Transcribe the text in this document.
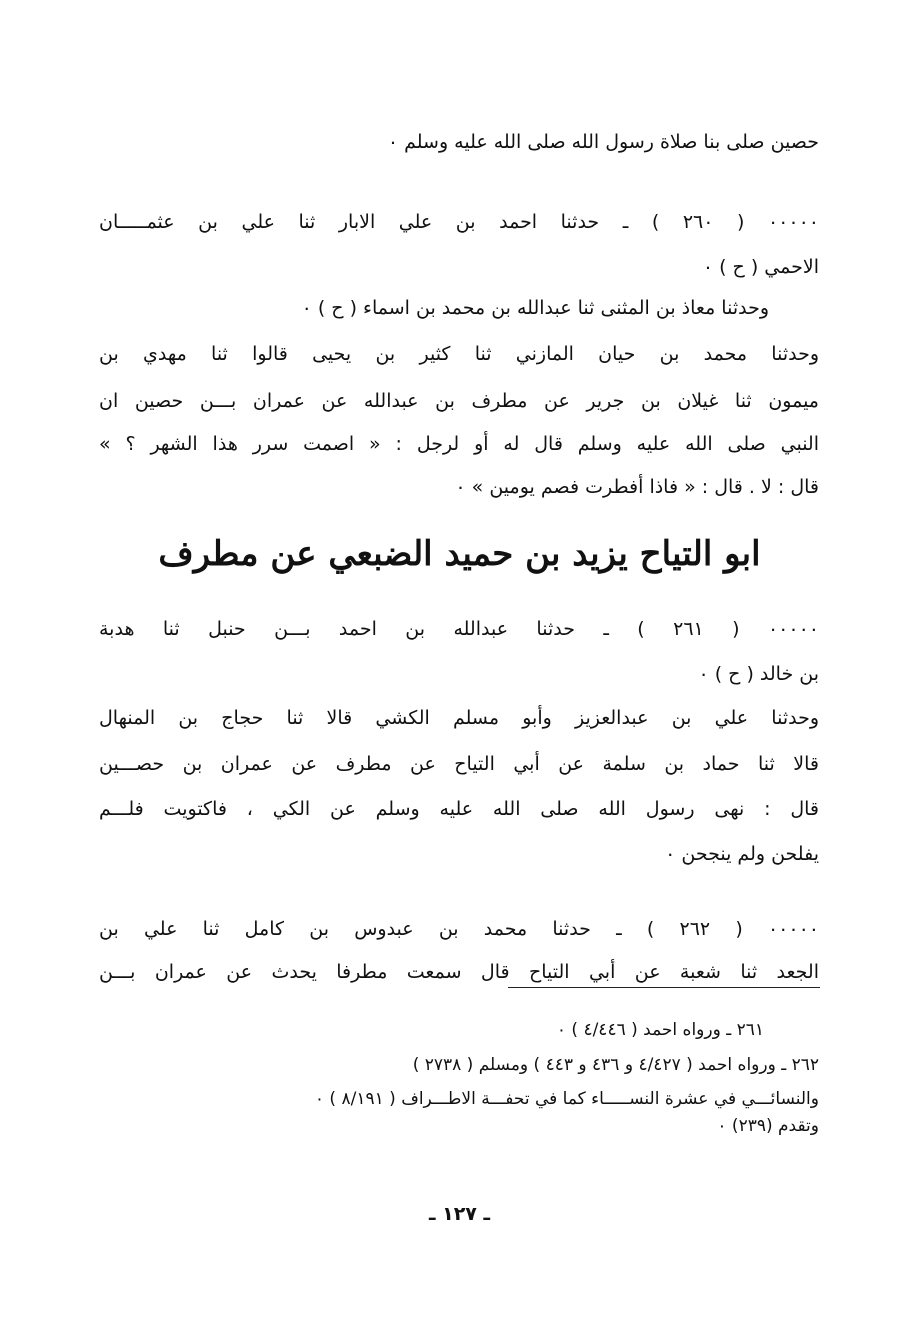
حصين صلى بنا صلاة رسول الله صلى الله عليه وسلم ٠
٠٠٠٠٠ ( ٢٦٠ ) ـ حدثنا احمد بن علي الابار ثنا علي بن عثمـــــان
الاحمي ( ح ) ٠
وحدثنا معاذ بن المثنى ثنا عبدالله بن محمد بن اسماء ( ح ) ٠
وحدثنا محمد بن حيان المازني ثنا كثير بن يحيى قالوا ثنا مهدي بن
ميمون ثنا غيلان بن جرير عن مطرف بن عبدالله عن عمران بـــن حصين ان
النبي صلى الله عليه وسلم قال له أو لرجل : « اصمت سرر هذا الشهر ؟ »
قال : لا . قال : « فاذا أفطرت فصم يومين » ٠
ابو التياح يزيد بن حميد الضبعي عن مطرف
٠٠٠٠٠ ( ٢٦١ ) ـ حدثنا عبدالله بن احمد بـــن حنبل ثنا هدبة
بن خالد ( ح ) ٠
وحدثنا علي بن عبدالعزيز وأبو مسلم الكشي قالا ثنا حجاج بن المنهال
قالا ثنا حماد بن سلمة عن أبي التياح عن مطرف عن عمران بن حصـــين
قال : نهى رسول الله صلى الله عليه وسلم عن الكي ، فاكتويت فلـــم
يفلحن ولم ينجحن ٠
٠٠٠٠٠ ( ٢٦٢ ) ـ حدثنا محمد بن عبدوس بن كامل ثنا علي بن
الجعد ثنا شعبة عن أبي التياح قال سمعت مطرفا يحدث عن عمران بـــن
٢٦١ ـ ورواه احمد ( ٤/٤٤٦ ) ٠
٢٦٢ ـ ورواه احمد ( ٤/٤٢٧ و ٤٣٦ و ٤٤٣ ) ومسلم ( ٢٧٣٨ )
والنسائـــي في عشرة النســـــاء كما في تحفـــة الاطـــراف ( ٨/١٩١ ) ٠
وتقدم (٢٣٩) ٠
ـ ١٢٧ ـ
